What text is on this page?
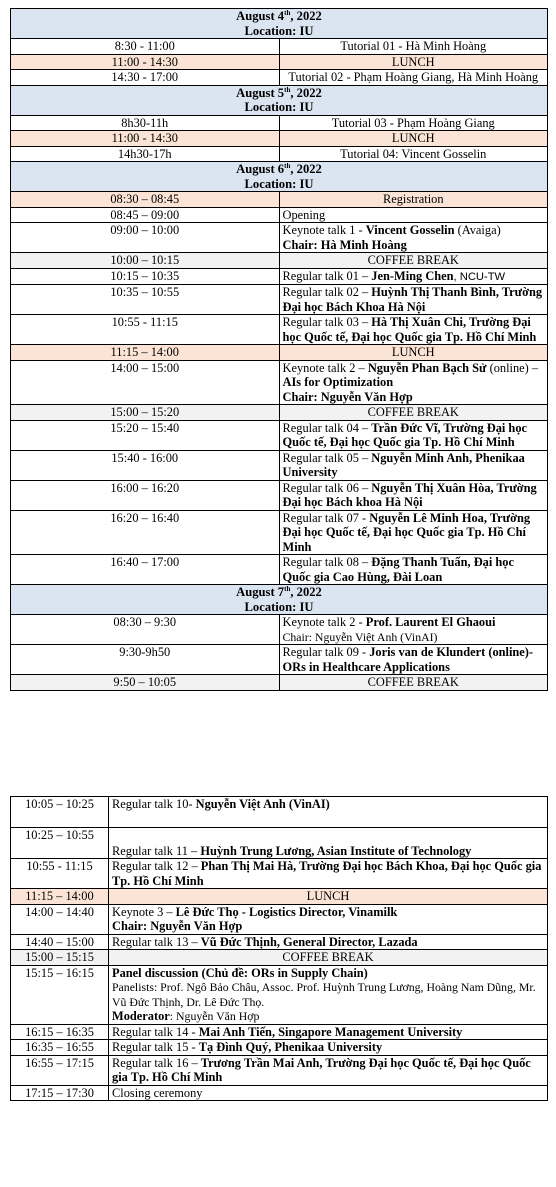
August 4th, 2022
Location: IU	
8:30 - 11:00	Tutorial 01 - Hà Minh Hoàng
11:00 - 14:30	LUNCH
14:30 - 17:00	Tutorial 02 - Phạm Hoàng Giang, Hà Minh Hoàng
August 5th, 2022
Location: IU	
8h30-11h	Tutorial 03 - Phạm Hoàng Giang
11:00 - 14:30	LUNCH
14h30-17h	Tutorial 04: Vincent Gosselin
August 6th, 2022
Location: IU	
08:30 – 08:45	Registration
08:45 – 09:00	Opening
09:00 – 10:00	Keynote talk 1 - Vincent Gosselin (Avaiga)
Chair: Hà Minh Hoàng
10:00 – 10:15	COFFEE BREAK
10:15 – 10:35	Regular talk 01 – Jen-Ming Chen, NCU-TW
10:35 – 10:55	Regular talk 02 – Huỳnh Thị Thanh Bình, Trường Đại học Bách Khoa Hà Nội
10:55 - 11:15	Regular talk 03 – Hà Thị Xuân Chi, Trường Đại học Quốc tế, Đại học Quốc gia Tp. Hồ Chí Minh
11:15 – 14:00	LUNCH
14:00 – 15:00	Keynote talk 2 – Nguyễn Phan Bạch Sử (online) – AIs for Optimization
Chair: Nguyễn Văn Hợp
15:00 – 15:20	COFFEE BREAK
15:20 – 15:40	Regular talk 04 – Trần Đức Vĩ, Trường Đại học Quốc tế, Đại học Quốc gia Tp. Hồ Chí Minh
15:40 - 16:00	Regular talk 05 – Nguyễn Minh Anh, Phenikaa University
16:00 – 16:20	Regular talk 06 – Nguyễn Thị Xuân Hòa, Trường Đại học Bách khoa Hà Nội
16:20 – 16:40	Regular talk 07 - Nguyễn Lê Minh Hoa, Trường Đại học Quốc tế, Đại học Quốc gia Tp. Hồ Chí Minh
16:40 – 17:00	Regular talk 08 – Đặng Thanh Tuấn, Đại học Quốc gia Cao Hùng, Đài Loan
August 7th, 2022
Location: IU	
08:30 – 9:30	Keynote talk 2 - Prof. Laurent El Ghaoui
Chair: Nguyễn Việt Anh (VinAI)
9:30-9h50	Regular talk 09 - Joris van de Klundert (online)- ORs in Healthcare Applications
9:50 – 10:05	COFFEE BREAK
10:05 – 10:25	Regular talk 10- Nguyễn Việt Anh (VinAI)
10:25 – 10:55	Regular talk 11 – Huỳnh Trung Lương, Asian Institute of Technology
10:55 - 11:15	Regular talk 12 – Phan Thị Mai Hà, Trường Đại học Bách Khoa, Đại học Quốc gia Tp. Hồ Chí Minh
11:15 – 14:00	LUNCH
14:00 – 14:40	Keynote 3 – Lê Đức Thọ - Logistics Director, Vinamilk
Chair: Nguyễn Văn Hợp
14:40 – 15:00	Regular talk 13 – Vũ Đức Thịnh, General Director, Lazada
15:00 – 15:15	COFFEE BREAK
15:15 – 16:15	Panel discussion (Chủ đề: ORs in Supply Chain)
Panelists: Prof. Ngô Bảo Châu, Assoc. Prof. Huỳnh Trung Lương, Hoàng Nam Dũng, Mr. Vũ Đức Thịnh, Dr. Lê Đức Thọ.
Moderator: Nguyễn Văn Hợp
16:15 – 16:35	Regular talk 14 - Mai Anh Tiến, Singapore Management University
16:35 – 16:55	Regular talk 15 - Tạ Đình Quý, Phenikaa University
16:55 – 17:15	Regular talk 16 – Trương Trần Mai Anh, Trường Đại học Quốc tế, Đại học Quốc gia Tp. Hồ Chí Minh
17:15 – 17:30	Closing ceremony
